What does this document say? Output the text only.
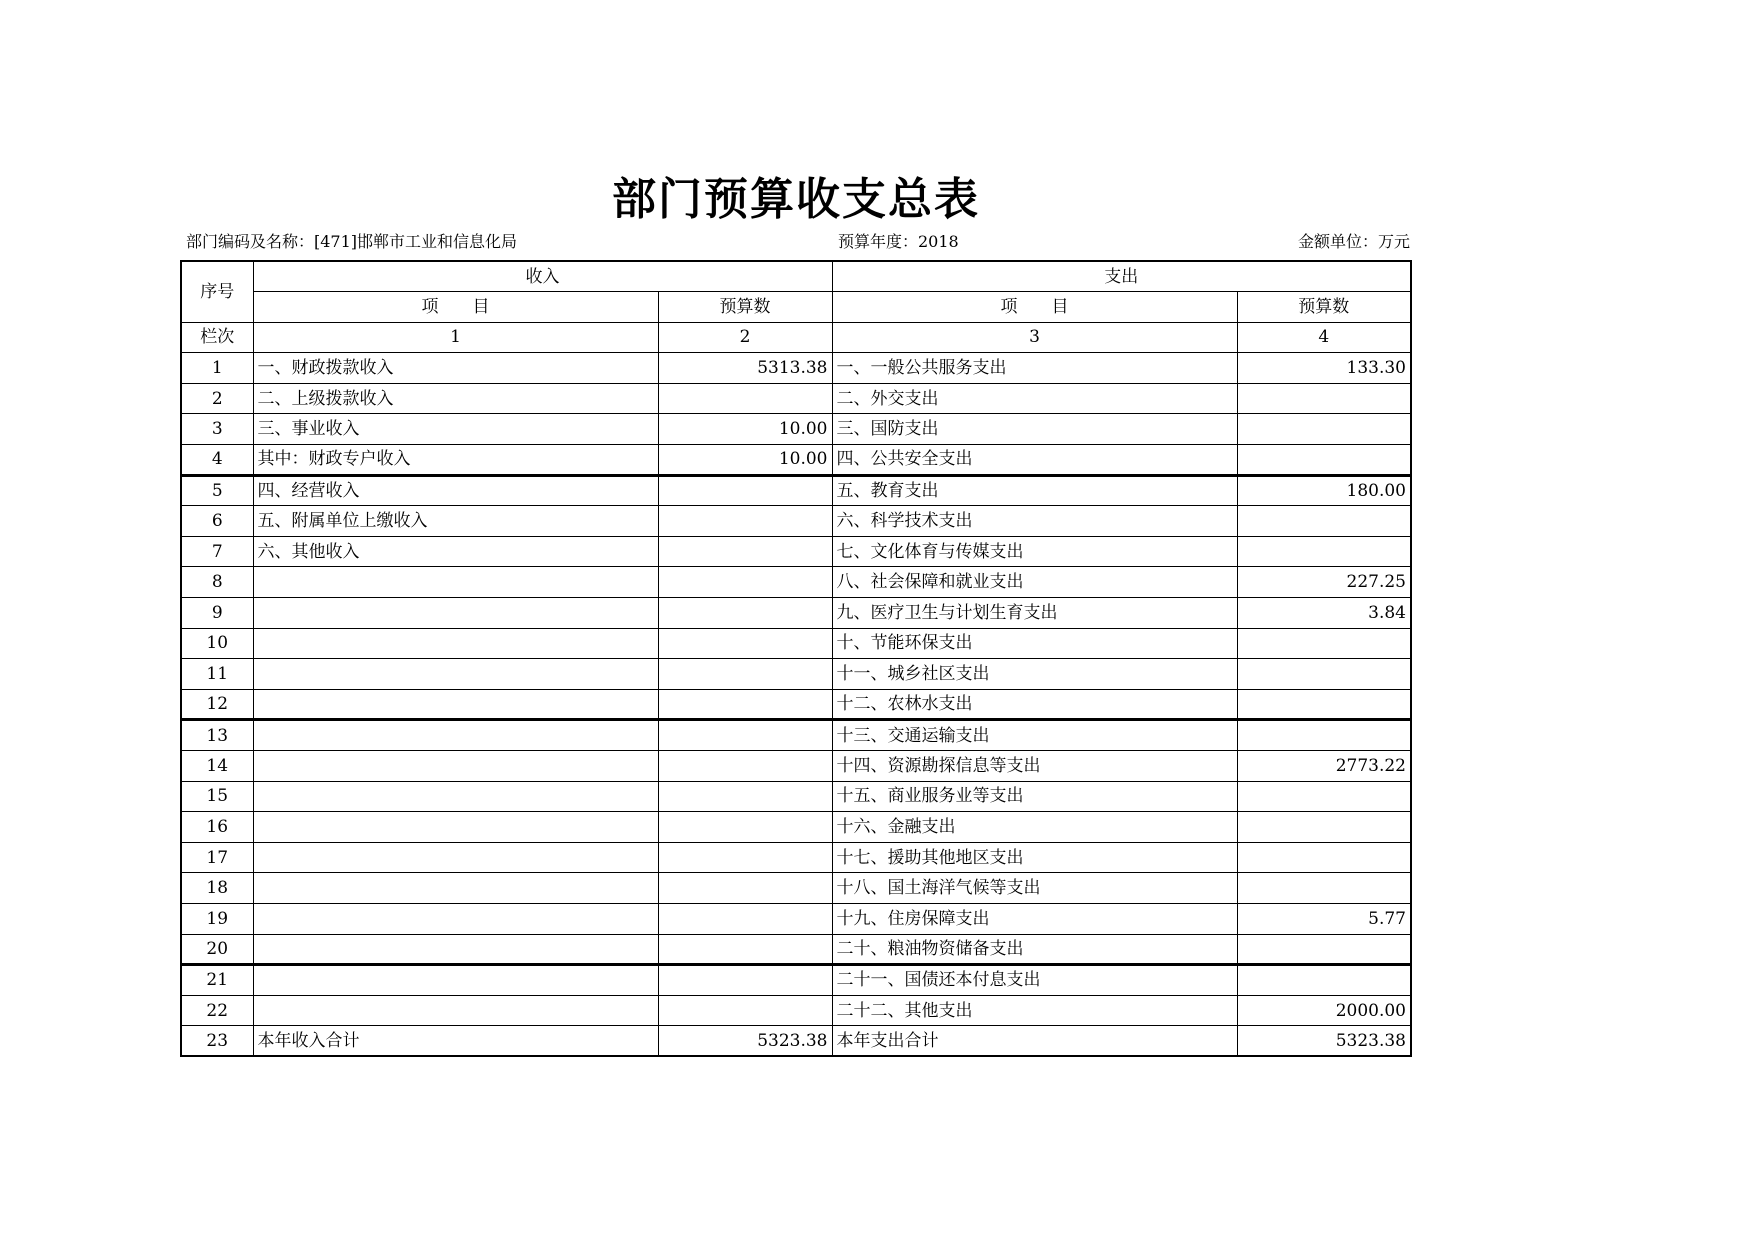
部门预算收支总表
部门编码及名称：[471]邯郸市工业和信息化局	预算年度：2018	金额单位：万元
序号	收入		支出	
	项　　目	预算数	项　　目	预算数
栏次	1	2	3	4
1	一、财政拨款收入	5313.38	一、一般公共服务支出	133.30
2	二、上级拨款收入		二、外交支出	
3	三、事业收入	10.00	三、国防支出	
4	其中：财政专户收入	10.00	四、公共安全支出	
5	四、经营收入		五、教育支出	180.00
6	五、附属单位上缴收入		六、科学技术支出	
7	六、其他收入		七、文化体育与传媒支出	
8			八、社会保障和就业支出	227.25
9			九、医疗卫生与计划生育支出	3.84
10			十、节能环保支出	
11			十一、城乡社区支出	
12			十二、农林水支出	
13			十三、交通运输支出	
14			十四、资源勘探信息等支出	2773.22
15			十五、商业服务业等支出	
16			十六、金融支出	
17			十七、援助其他地区支出	
18			十八、国土海洋气候等支出	
19			十九、住房保障支出	5.77
20			二十、粮油物资储备支出	
21			二十一、国债还本付息支出	
22			二十二、其他支出	2000.00
23	本年收入合计	5323.38	本年支出合计	5323.38
